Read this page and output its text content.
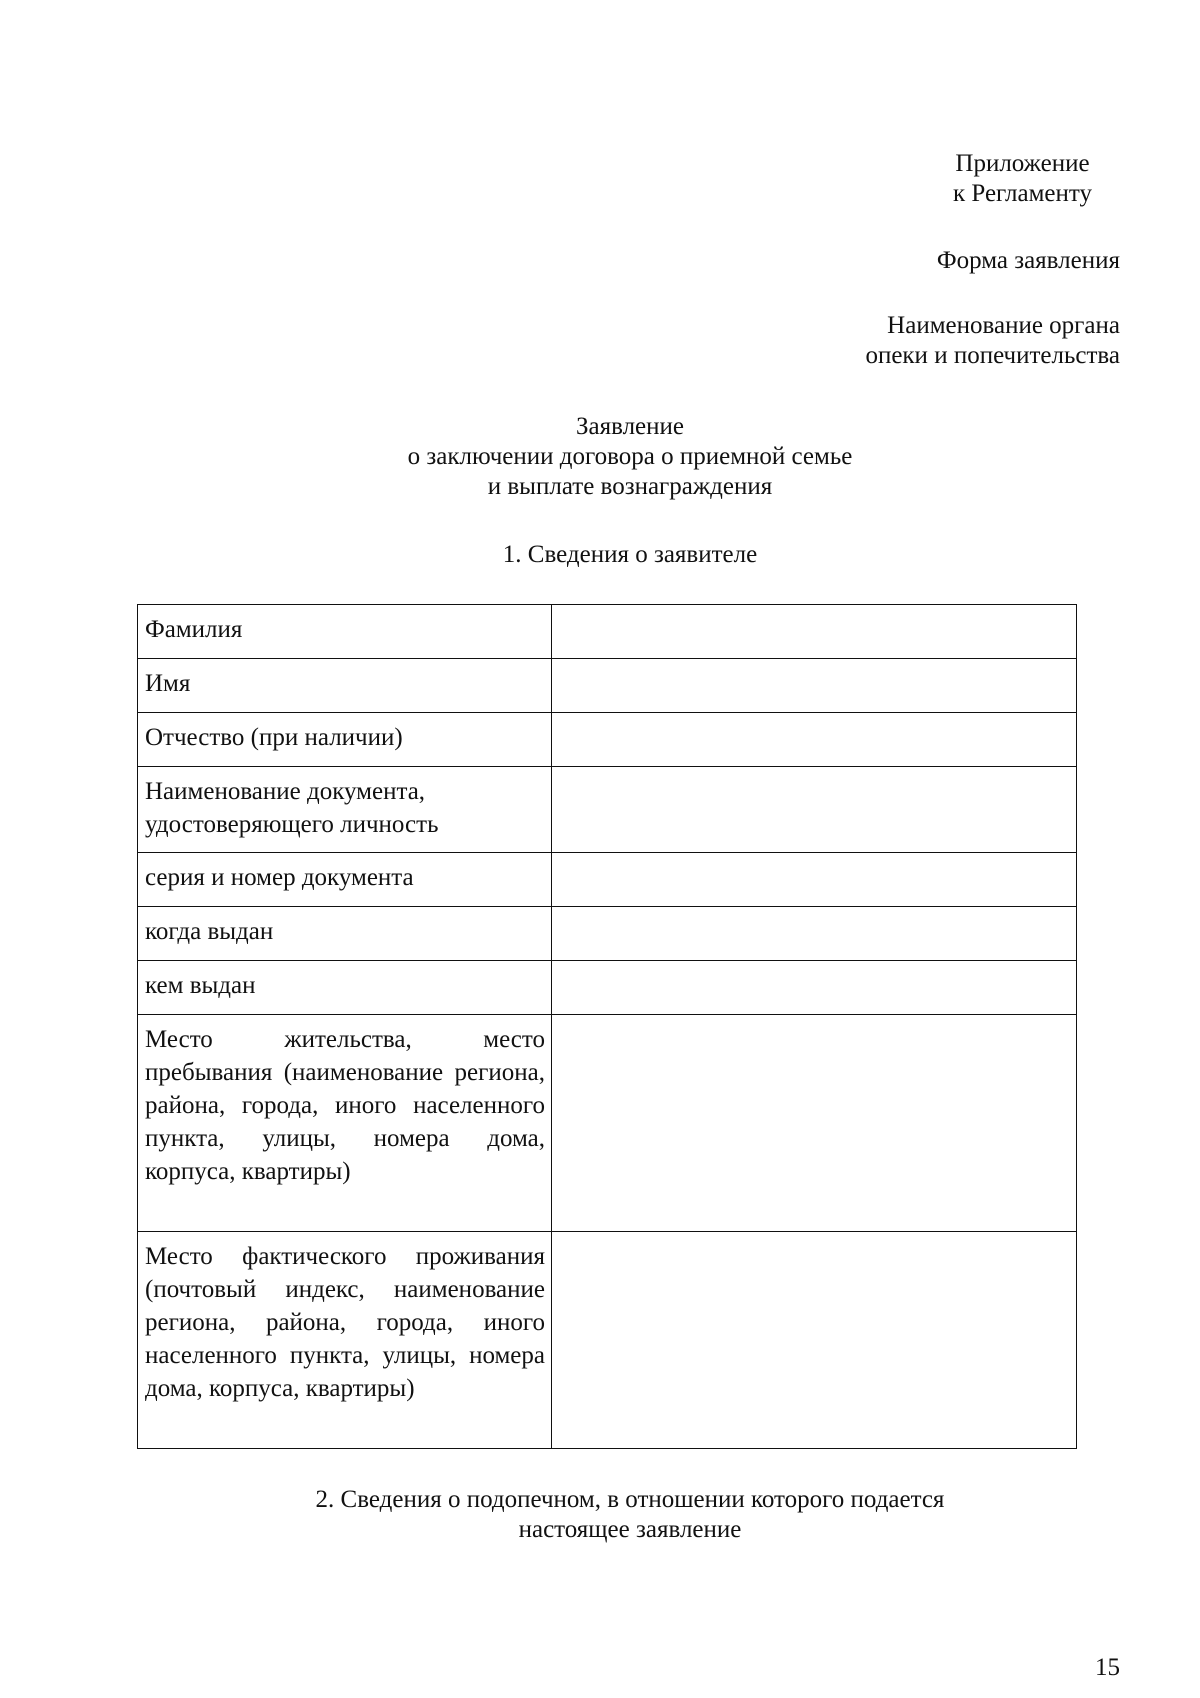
Приложение
к Регламенту
Форма заявления
Наименование органа
опеки и попечительства
Заявление
о заключении договора о приемной семье
и выплате вознаграждения
1. Сведения о заявителе
Фамилия	
Имя	
Отчество (при наличии)	
Наименование документа, удостоверяющего личность	
серия и номер документа	
когда выдан	
кем выдан	
Место жительства, место пребывания (наименование региона, района, города, иного населенного пункта, улицы, номера дома, корпуса, квартиры)	
Место фактического проживания (почтовый индекс, наименование региона, района, города, иного населенного пункта, улицы, номера дома, корпуса, квартиры)	
2. Сведения о подопечном, в отношении которого подается
настоящее заявление
15
